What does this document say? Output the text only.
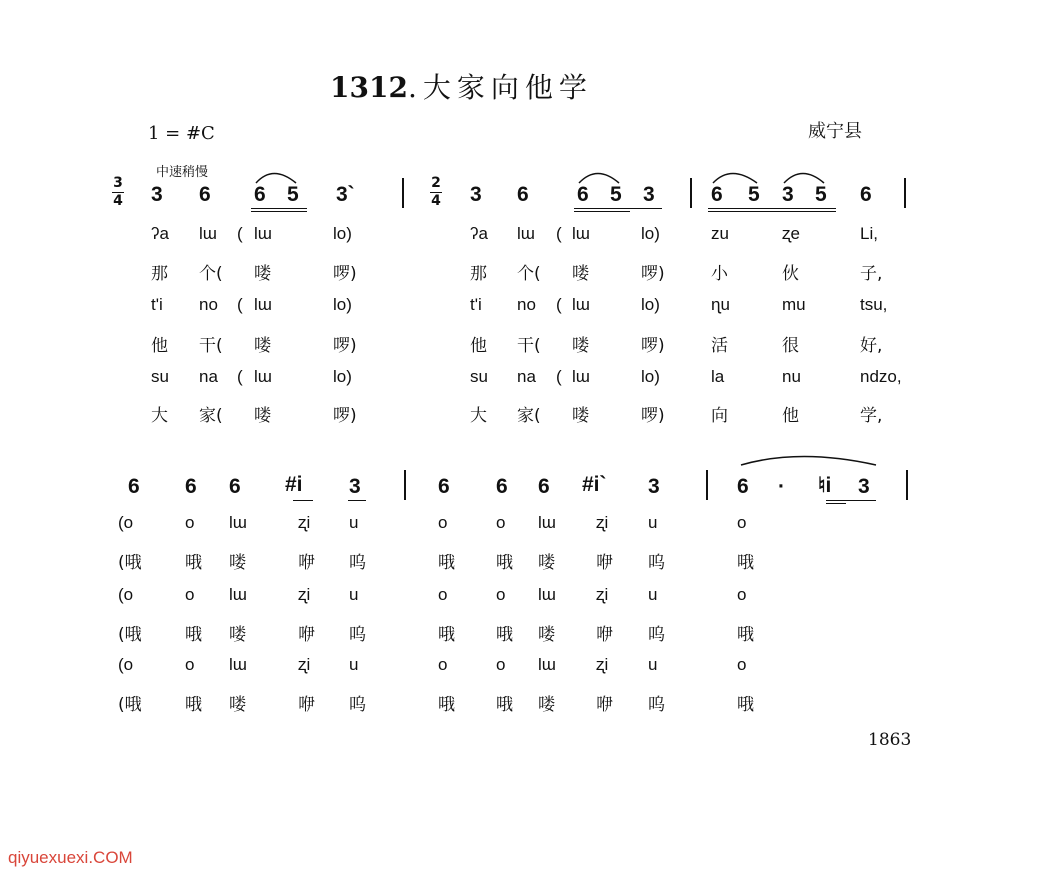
1312.大家向他学
1 = #C	威宁县
中速稍慢
3
4
2
4
3 6 6 5 3`	3 6 6 5 3	6 5 3 5 6
ʔa lɯ ( lɯ	lo)	ʔa lɯ ( lɯ	lo)	zu	ʐe	Li,
那 个( 喽	啰)	那 个( 喽	啰)	小	伙	子,
t'i no ( lɯ	lo)	t'i no ( lɯ	lo)	ɳu	mu	tsu,
他 干( 喽	啰)	他 干( 喽	啰)	活	很	好,
su na ( lɯ	lo)	su na ( lɯ	lo)	la	nu	ndzo,
大 家( 喽	啰)	大 家( 喽	啰)	向	他	学,
6 6 6 #i 3	6 6 6 #i` 3	6 · ♮i 3
(o	o lɯ	ʐi u	o	o lɯ ʐi u	o
(哦	哦 喽	咿 呜	哦 哦 喽 咿 呜	哦
(o	o lɯ	ʐi u	o	o lɯ ʐi u	o
(哦	哦 喽	咿 呜	哦 哦 喽 咿 呜	哦
(o	o lɯ	ʐi u	o	o lɯ ʐi u	o
(哦	哦 喽	咿 呜	哦 哦 喽 咿 呜	哦
1863
qiyuexuexi.COM
